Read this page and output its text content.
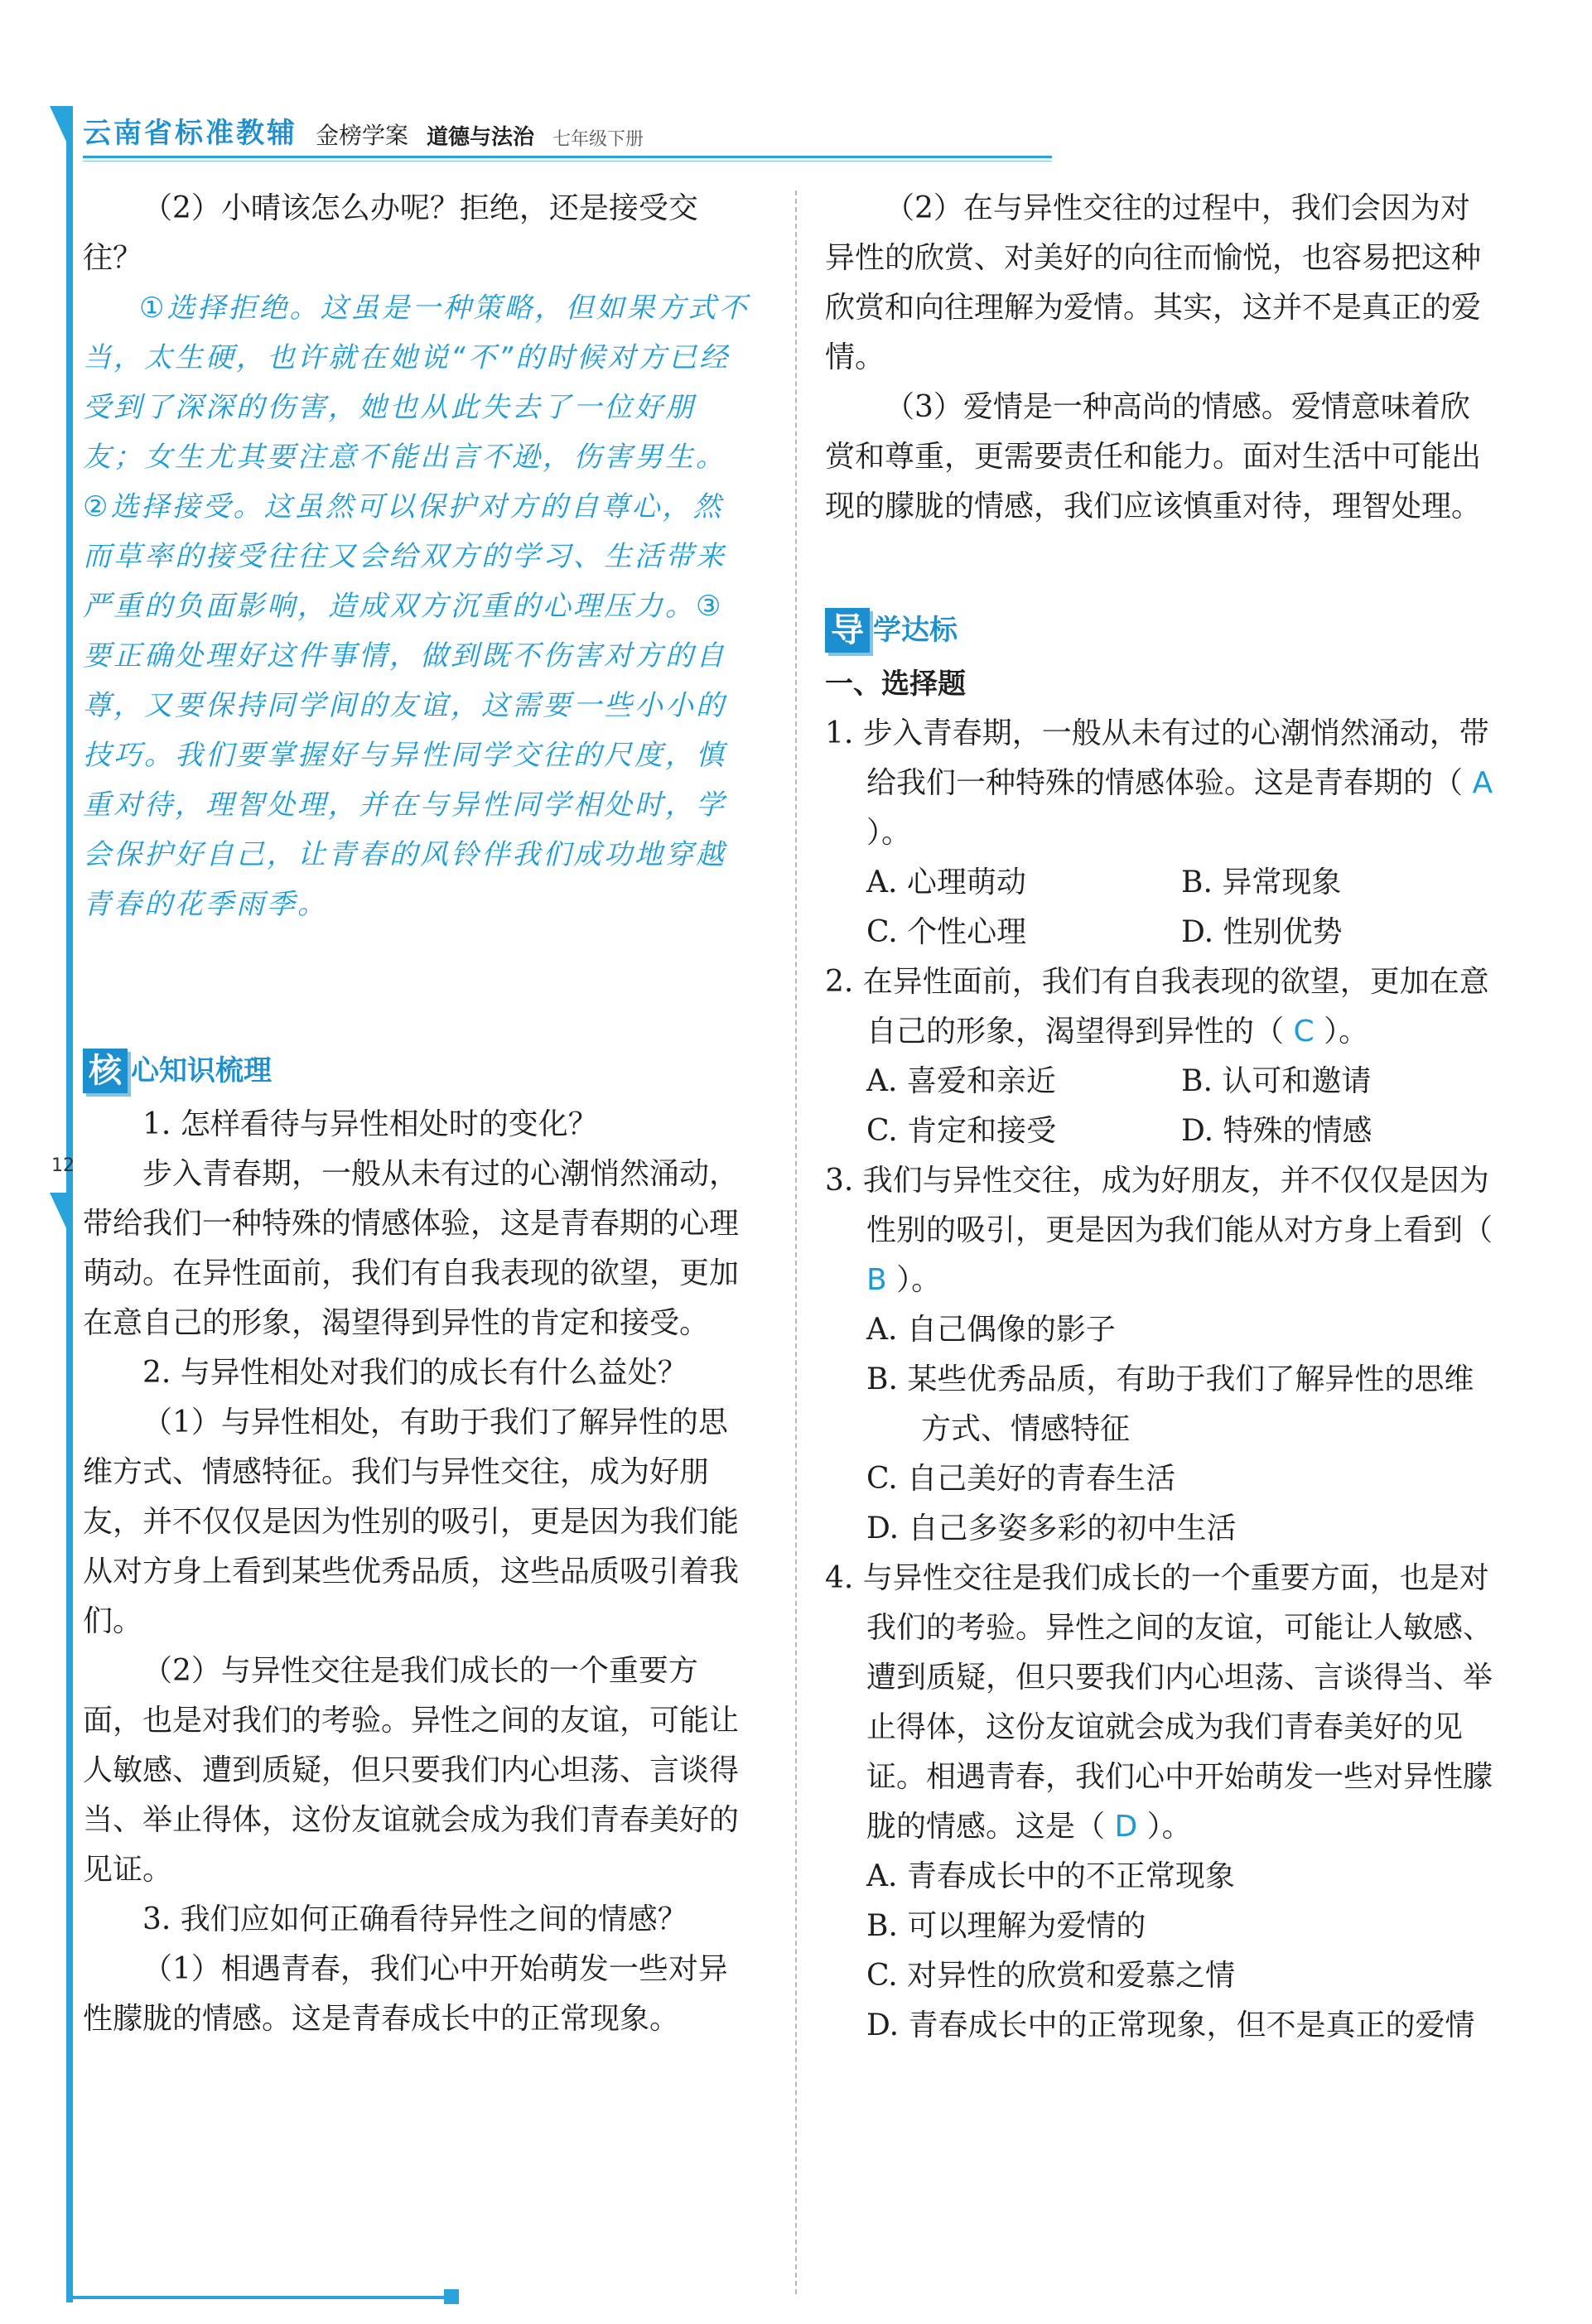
云南省标准教辅 金榜学案 道德与法治 七年级下册
12

（2）小晴该怎么办呢？拒绝，还是接受交往？

①选择拒绝。这虽是一种策略，但如果方式不当，太生硬，也许就在她说“不”的时候对方已经受到了深深的伤害，她也从此失去了一位好朋友；女生尤其要注意不能出言不逊，伤害男生。②选择接受。这虽然可以保护对方的自尊心，然而草率的接受往往又会给双方的学习、生活带来严重的负面影响，造成双方沉重的心理压力。③要正确处理好这件事情，做到既不伤害对方的自尊，又要保持同学间的友谊，这需要一些小小的技巧。我们要掌握好与异性同学交往的尺度，慎重对待，理智处理，并在与异性同学相处时，学会保护好自己，让青春的风铃伴我们成功地穿越青春的花季雨季。

核 心知识梳理

1. 怎样看待与异性相处时的变化？

步入青春期，一般从未有过的心潮悄然涌动，带给我们一种特殊的情感体验，这是青春期的心理萌动。在异性面前，我们有自我表现的欲望，更加在意自己的形象，渴望得到异性的肯定和接受。

2. 与异性相处对我们的成长有什么益处？

（1）与异性相处，有助于我们了解异性的思维方式、情感特征。我们与异性交往，成为好朋友，并不仅仅是因为性别的吸引，更是因为我们能从对方身上看到某些优秀品质，这些品质吸引着我们。

（2）与异性交往是我们成长的一个重要方面，也是对我们的考验。异性之间的友谊，可能让人敏感、遭到质疑，但只要我们内心坦荡、言谈得当、举止得体，这份友谊就会成为我们青春美好的见证。

3. 我们应如何正确看待异性之间的情感？

（1）相遇青春，我们心中开始萌发一些对异性朦胧的情感。这是青春成长中的正常现象。

（2）在与异性交往的过程中，我们会因为对异性的欣赏、对美好的向往而愉悦，也容易把这种欣赏和向往理解为爱情。其实，这并不是真正的爱情。

（3）爱情是一种高尚的情感。爱情意味着欣赏和尊重，更需要责任和能力。面对生活中可能出现的朦胧的情感，我们应该慎重对待，理智处理。

导 学达标

一、选择题

1. 步入青春期，一般从未有过的心潮悄然涌动，带给我们一种特殊的情感体验。这是青春期的（ A ）。

A. 心理萌动	B. 异常现象
C. 个性心理	D. 性别优势

2. 在异性面前，我们有自我表现的欲望，更加在意自己的形象，渴望得到异性的（ C ）。

A. 喜爱和亲近	B. 认可和邀请
C. 肯定和接受	D. 特殊的情感

3. 我们与异性交往，成为好朋友，并不仅仅是因为性别的吸引，更是因为我们能从对方身上看到（ B ）。

A. 自己偶像的影子

B. 某些优秀品质，有助于我们了解异性的思维方式、情感特征

C. 自己美好的青春生活

D. 自己多姿多彩的初中生活

4. 与异性交往是我们成长的一个重要方面，也是对我们的考验。异性之间的友谊，可能让人敏感、遭到质疑，但只要我们内心坦荡、言谈得当、举止得体，这份友谊就会成为我们青春美好的见证。相遇青春，我们心中开始萌发一些对异性朦胧的情感。这是（ D ）。

A. 青春成长中的不正常现象

B. 可以理解为爱情的

C. 对异性的欣赏和爱慕之情

D. 青春成长中的正常现象，但不是真正的爱情
